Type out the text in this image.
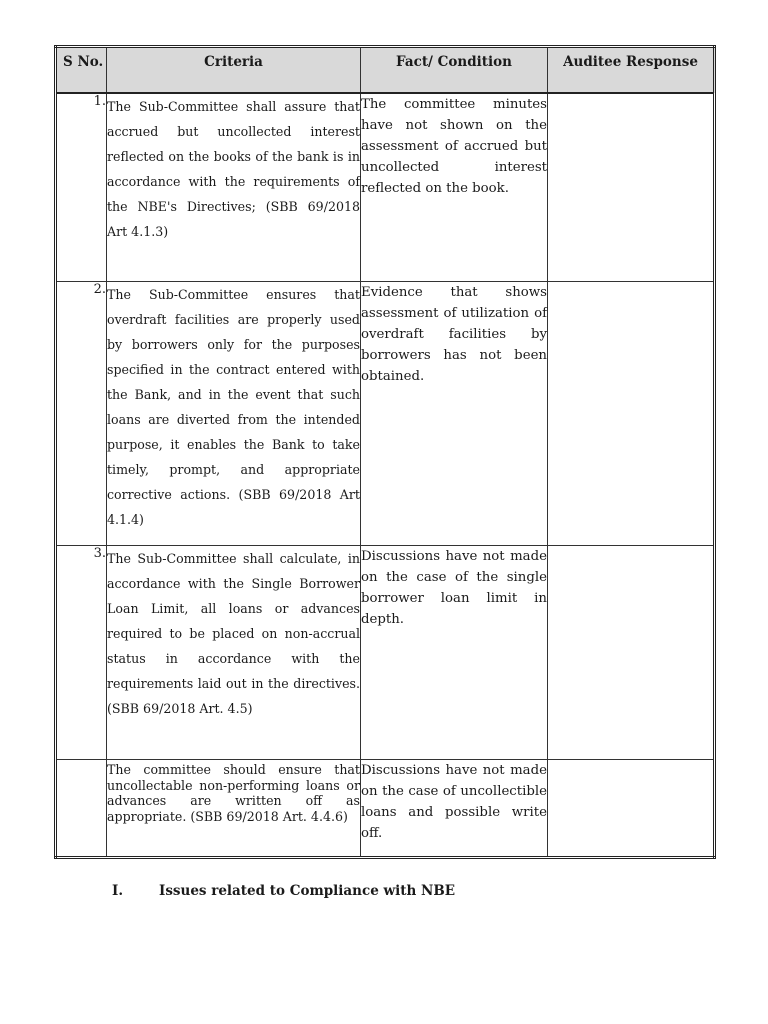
S No.	Criteria	Fact/ Condition	Auditee Response
1.	The Sub-Committee shall assure that accrued but uncollected interest reflected on the books of the bank is in accordance with the requirements of the NBE's Directives; (SBB 69/2018 Art 4.1.3)	The committee minutes have not shown on the assessment of accrued but uncollected interest reflected on the book.	
2.	The Sub-Committee ensures that overdraft facilities are properly used by borrowers only for the purposes specified in the contract entered with the Bank, and in the event that such loans are diverted from the intended purpose, it enables the Bank to take timely, prompt, and appropriate corrective actions. (SBB 69/2018 Art 4.1.4)	Evidence that shows assessment of utilization of overdraft facilities by borrowers has not been obtained.	
3.	The Sub-Committee shall calculate, in accordance with the Single Borrower Loan Limit, all loans or advances required to be placed on non-accrual status in accordance with the requirements laid out in the directives.(SBB 69/2018 Art. 4.5)	Discussions have not made on the case of the single borrower loan limit in depth.	
	The committee should ensure that uncollectable non-performing loans or advances are written off as appropriate. (SBB 69/2018 Art. 4.4.6)	Discussions have not made on the case of uncollectible loans and possible write off.	
I.	Issues related to Compliance with NBE
